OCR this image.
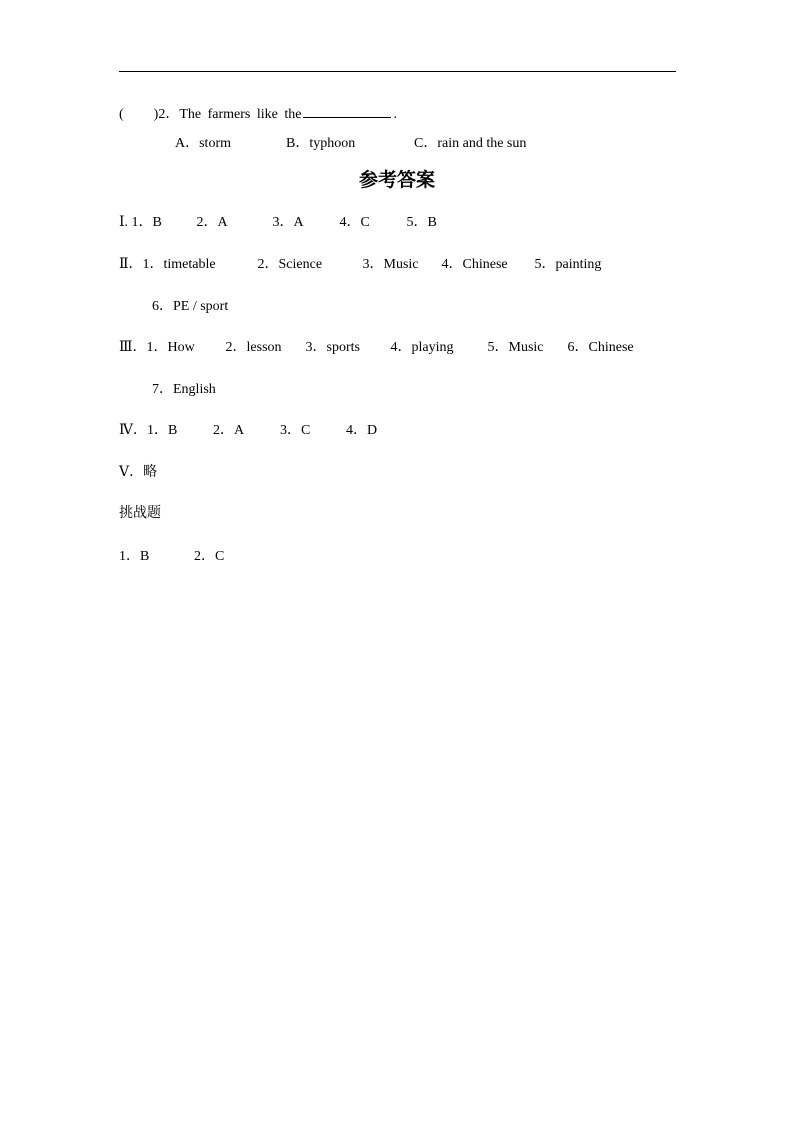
( )2．The farmers like the	.
A．storm	B．typhoon	C．rain and the sun
参考答案
Ⅰ. 1．B 2．A	3．A	4．C	5．B
Ⅱ．1．timetable	2．Science	3．Music 4．Chinese 5．painting
6．PE / sport
Ⅲ．1．How 2．lesson 3．sports 4．playing 5．Music 6．Chinese
7．English
Ⅳ．1．B	2．A	3．C	4．D
Ⅴ．略
挑战题
1．B	2．C
